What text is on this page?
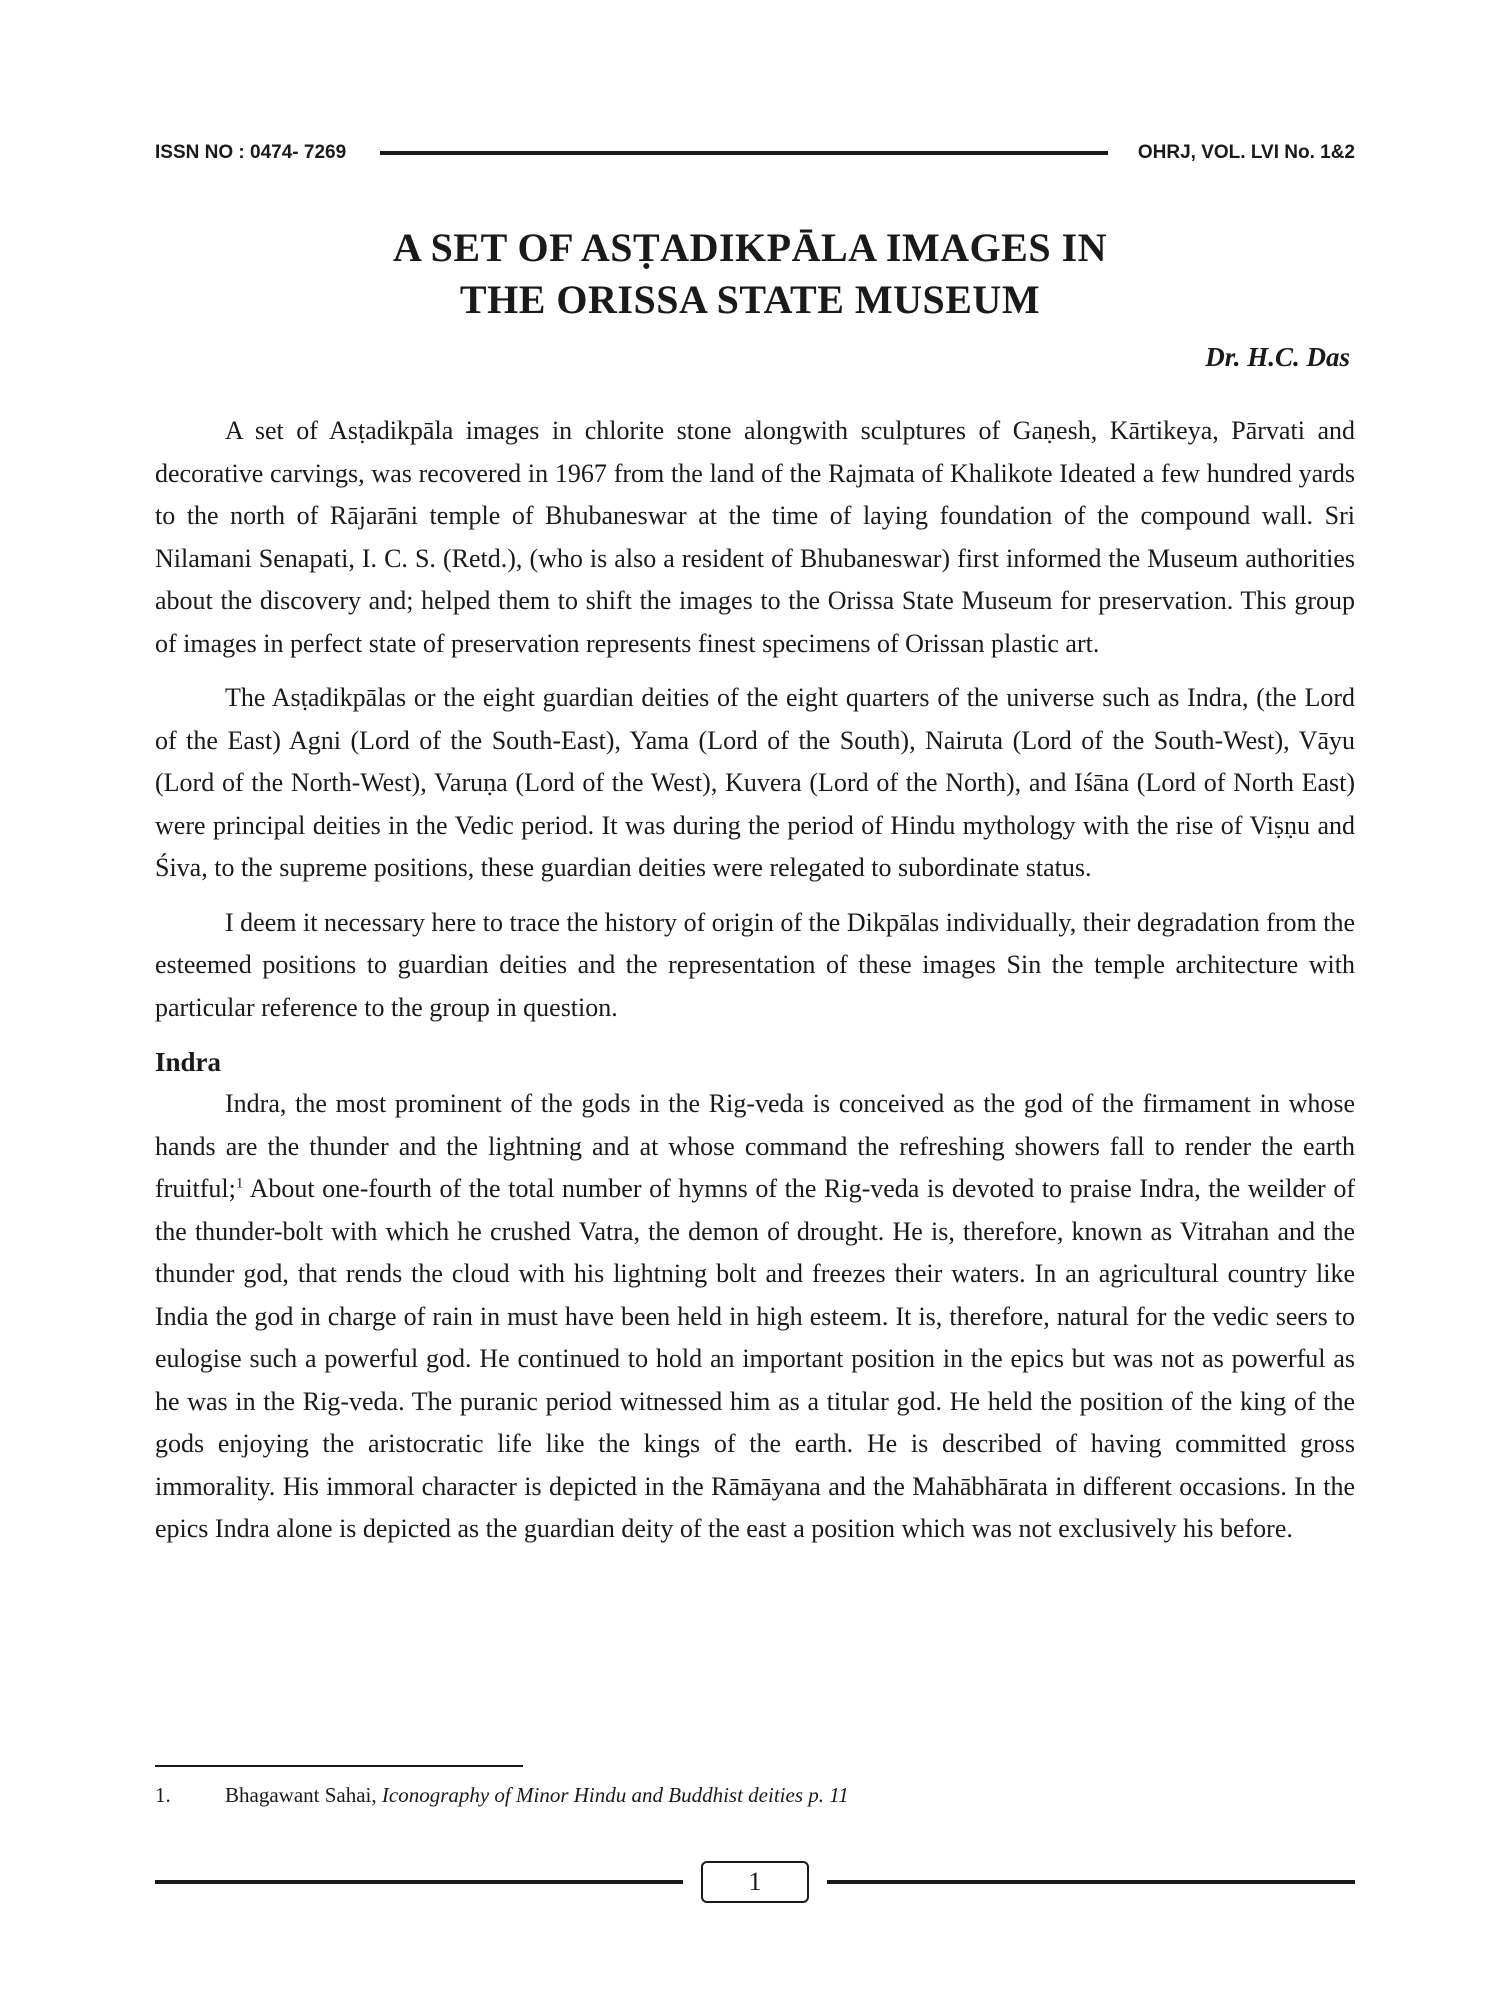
ISSN NO : 0474- 7269	OHRJ, VOL. LVI No. 1&2
A SET OF ASṬADIKPĀLA IMAGES IN
THE ORISSA STATE MUSEUM
Dr. H.C. Das

A set of Asṭadikpāla images in chlorite stone alongwith sculptures of Gaṇesh, Kārtikeya, Pārvati and decorative carvings, was recovered in 1967 from the land of the Rajmata of Khalikote Ideated a few hundred yards to the north of Rājarāni temple of Bhubaneswar at the time of laying foundation of the compound wall. Sri Nilamani Senapati, I. C. S. (Retd.), (who is also a resident of Bhubaneswar) first informed the Museum authorities about the discovery and; helped them to shift the images to the Orissa State Museum for preservation. This group of images in perfect state of preservation represents finest specimens of Orissan plastic art.

The Asṭadikpālas or the eight guardian deities of the eight quarters of the universe such as Indra, (the Lord of the East) Agni (Lord of the South-East), Yama (Lord of the South), Nairuta (Lord of the South-West), Vāyu (Lord of the North-West), Varuṇa (Lord of the West), Kuvera (Lord of the North), and Iśāna (Lord of North East) were principal deities in the Vedic period. It was during the period of Hindu mythology with the rise of Viṣṇu and Śiva, to the supreme positions, these guardian deities were relegated to subordinate status.

I deem it necessary here to trace the history of origin of the Dikpālas individually, their degradation from the esteemed positions to guardian deities and the representation of these images Sin the temple architecture with particular reference to the group in question.

Indra

Indra, the most prominent of the gods in the Rig-veda is conceived as the god of the firmament in whose hands are the thunder and the lightning and at whose command the refreshing showers fall to render the earth fruitful;$^1$ About one-fourth of the total number of hymns of the Rig-veda is devoted to praise Indra, the weilder of the thunder-bolt with which he crushed Vatra, the demon of drought. He is, therefore, known as Vitrahan and the thunder god, that rends the cloud with his lightning bolt and freezes their waters. In an agricultural country like India the god in charge of rain in must have been held in high esteem. It is, therefore, natural for the vedic seers to eulogise such a powerful god. He continued to hold an important position in the epics but was not as powerful as he was in the Rig-veda. The puranic period witnessed him as a titular god. He held the position of the king of the gods enjoying the aristocratic life like the kings of the earth. He is described of having committed gross immorality. His immoral character is depicted in the Rāmāyana and the Mahābhārata in different occasions. In the epics Indra alone is depicted as the guardian deity of the east a position which was not exclusively his before.

1.	Bhagawant Sahai, Iconography of Minor Hindu and Buddhist deities p. 11
1
